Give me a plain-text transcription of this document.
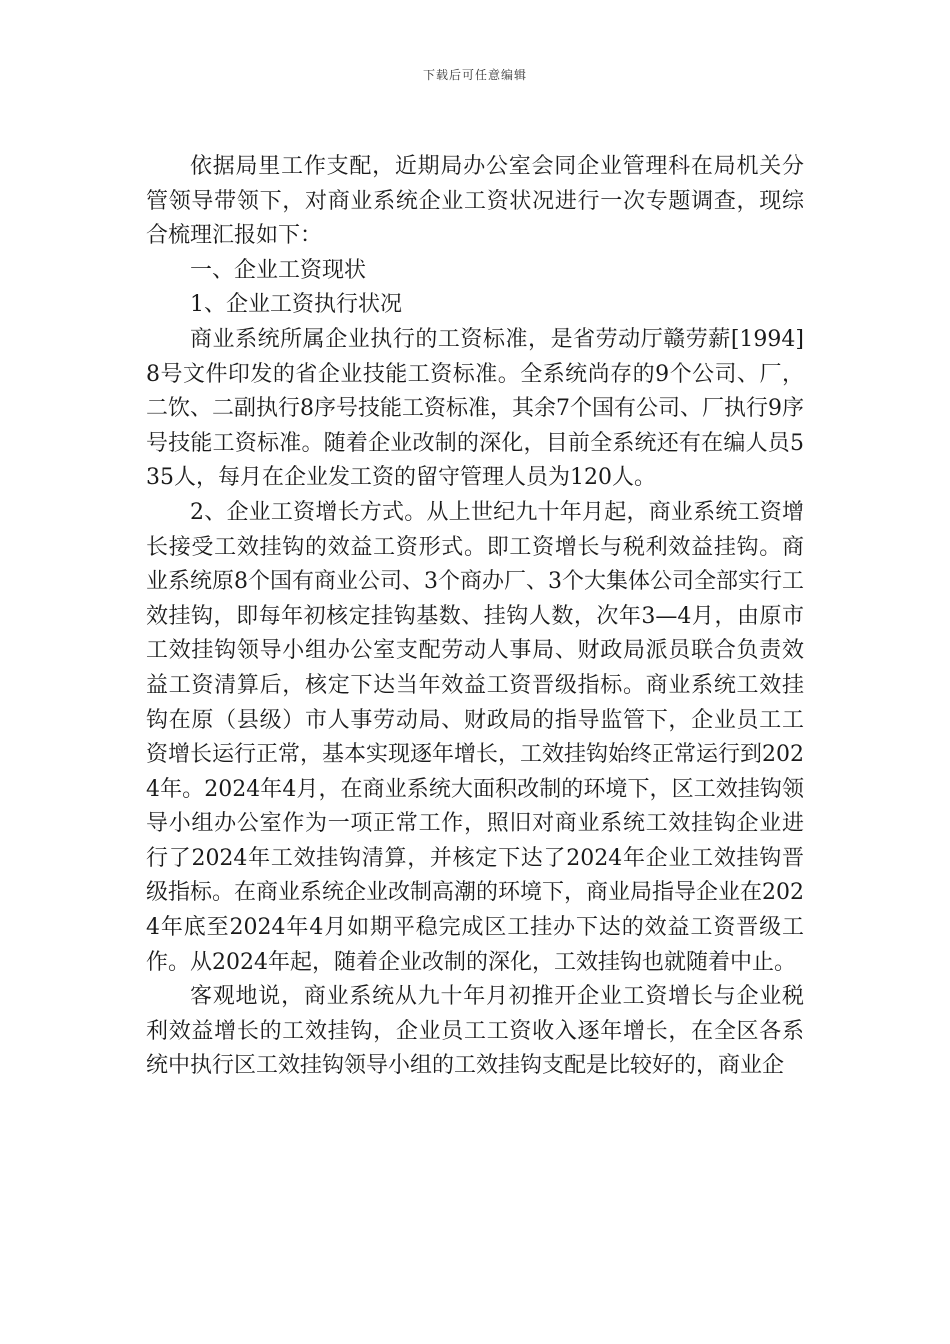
下载后可任意编辑

依据局里工作支配，近期局办公室会同企业管理科在局机关分管领导带领下，对商业系统企业工资状况进行一次专题调查，现综合梳理汇报如下：

一、企业工资现状

1、企业工资执行状况

商业系统所属企业执行的工资标准，是省劳动厅赣劳薪[1994]8号文件印发的省企业技能工资标准。全系统尚存的9个公司、厂，二饮、二副执行8序号技能工资标准，其余7个国有公司、厂执行9序号技能工资标准。随着企业改制的深化，目前全系统还有在编人员535人，每月在企业发工资的留守管理人员为120人。

2、企业工资增长方式。从上世纪九十年月起，商业系统工资增长接受工效挂钩的效益工资形式。即工资增长与税利效益挂钩。商业系统原8个国有商业公司、3个商办厂、3个大集体公司全部实行工效挂钩，即每年初核定挂钩基数、挂钩人数，次年3—4月，由原市工效挂钩领导小组办公室支配劳动人事局、财政局派员联合负责效益工资清算后，核定下达当年效益工资晋级指标。商业系统工效挂钩在原（县级）市人事劳动局、财政局的指导监管下，企业员工工资增长运行正常，基本实现逐年增长，工效挂钩始终正常运行到2024年。2024年4月，在商业系统大面积改制的环境下，区工效挂钩领导小组办公室作为一项正常工作，照旧对商业系统工效挂钩企业进行了2024年工效挂钩清算，并核定下达了2024年企业工效挂钩晋级指标。在商业系统企业改制高潮的环境下，商业局指导企业在2024年底至2024年4月如期平稳完成区工挂办下达的效益工资晋级工作。从2024年起，随着企业改制的深化，工效挂钩也就随着中止。

客观地说，商业系统从九十年月初推开企业工资增长与企业税利效益增长的工效挂钩，企业员工工资收入逐年增长，在全区各系统中执行区工效挂钩领导小组的工效挂钩支配是比较好的，商业企
